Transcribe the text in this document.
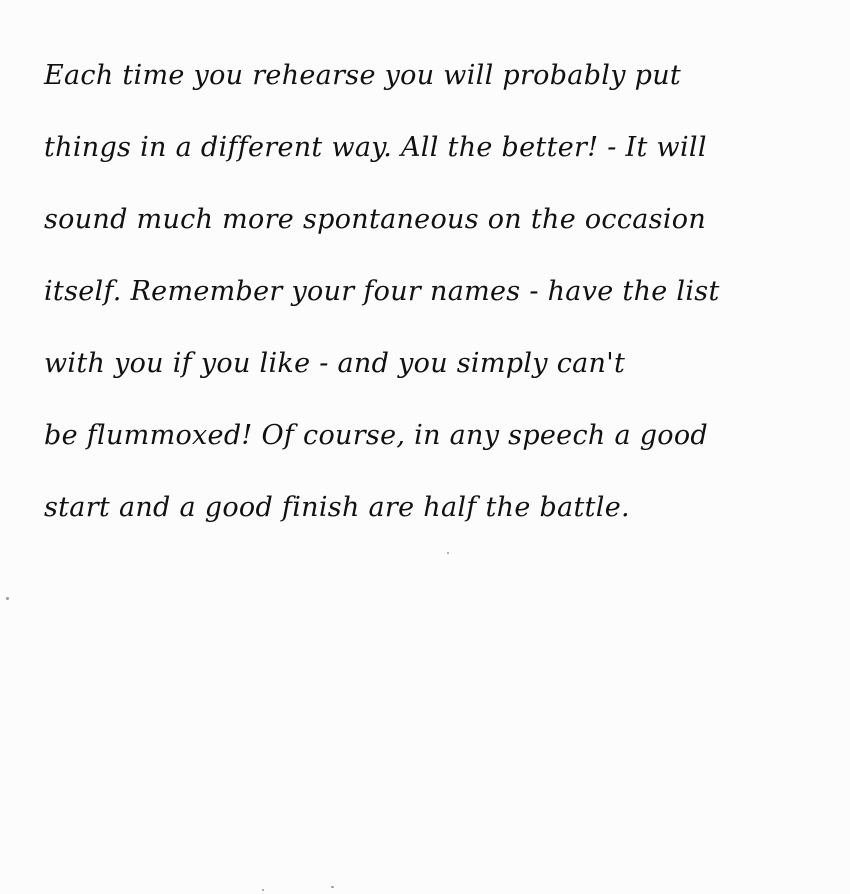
Each time you rehearse you will probably put
things in a different way. All the better! - It will
sound much more spontaneous on the occasion
itself. Remember your four names - have the list
with you if you like - and you simply can't
be flummoxed! Of course, in any speech a good
start and a good finish are half the battle.
